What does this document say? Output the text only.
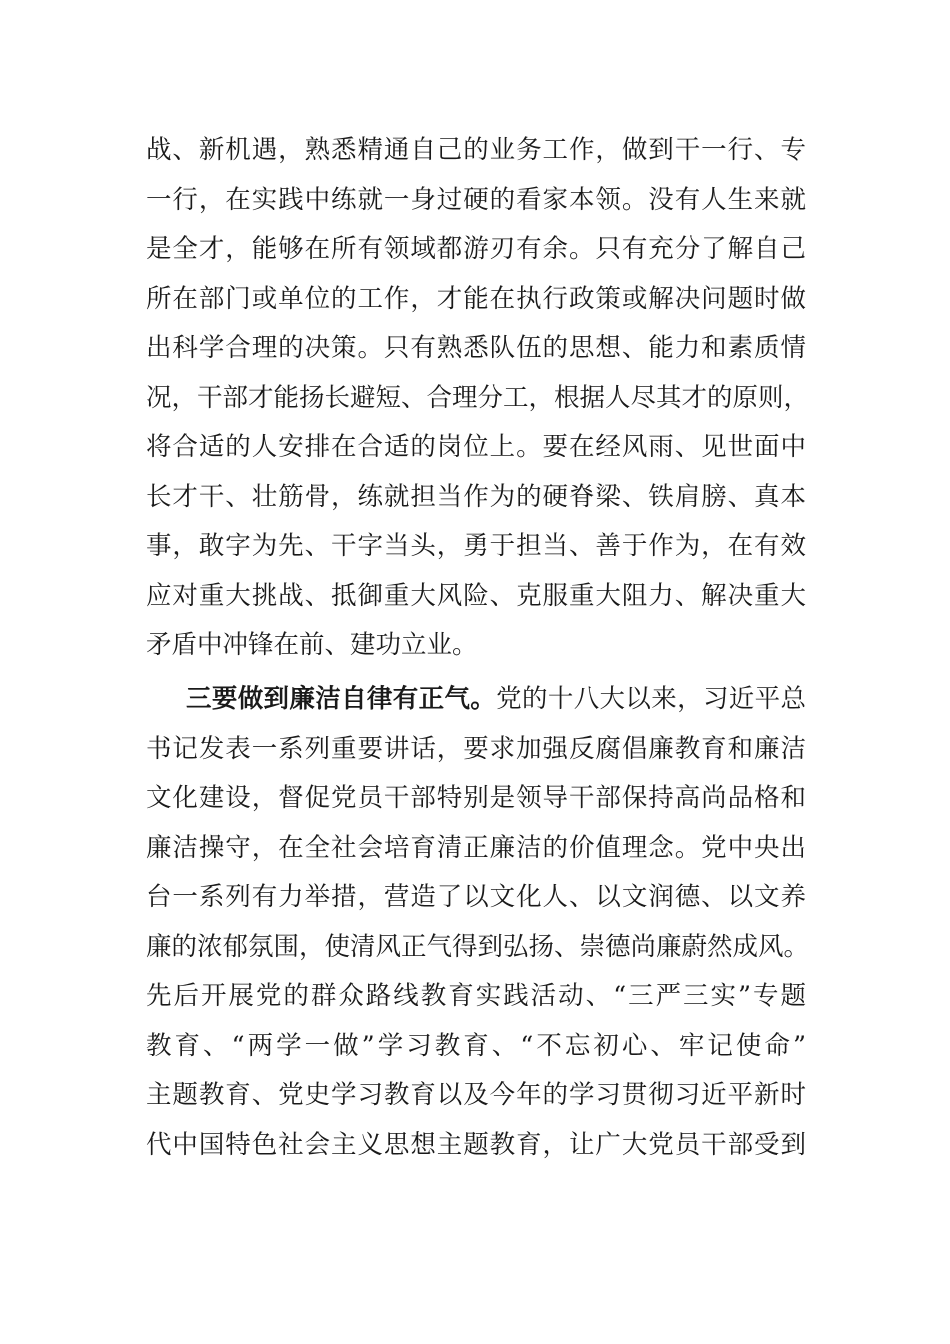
战、新机遇，熟悉精通自己的业务工作，做到干一行、专
一行，在实践中练就一身过硬的看家本领。没有人生来就
是全才，能够在所有领域都游刃有余。只有充分了解自己
所在部门或单位的工作，才能在执行政策或解决问题时做
出科学合理的决策。只有熟悉队伍的思想、能力和素质情
况，干部才能扬长避短、合理分工，根据人尽其才的原则，
将合适的人安排在合适的岗位上。要在经风雨、见世面中
长才干、壮筋骨，练就担当作为的硬脊梁、铁肩膀、真本
事，敢字为先、干字当头，勇于担当、善于作为，在有效
应对重大挑战、抵御重大风险、克服重大阻力、解决重大
矛盾中冲锋在前、建功立业。
三要做到廉洁自律有正气。党的十八大以来，习近平总
书记发表一系列重要讲话，要求加强反腐倡廉教育和廉洁
文化建设，督促党员干部特别是领导干部保持高尚品格和
廉洁操守，在全社会培育清正廉洁的价值理念。党中央出
台一系列有力举措，营造了以文化人、以文润德、以文养
廉的浓郁氛围，使清风正气得到弘扬、崇德尚廉蔚然成风。
先后开展党的群众路线教育实践活动、“三严三实”专题
教育、“两学一做”学习教育、“不忘初心、牢记使命”
主题教育、党史学习教育以及今年的学习贯彻习近平新时
代中国特色社会主义思想主题教育，让广大党员干部受到
